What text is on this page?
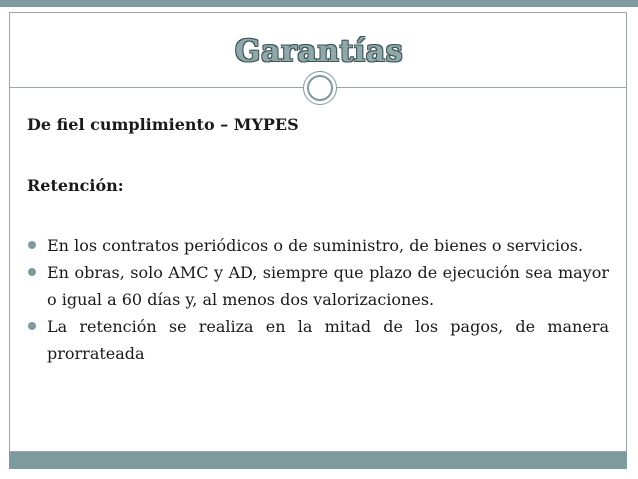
Garantías
De fiel cumplimiento – MYPES
Retención:
En los contratos periódicos o de suministro, de bienes o servicios.
En obras, solo AMC y AD, siempre que plazo de ejecución sea mayor o igual a 60 días y, al menos dos valorizaciones.
La retención se realiza en la mitad de los pagos, de manera prorrateada
